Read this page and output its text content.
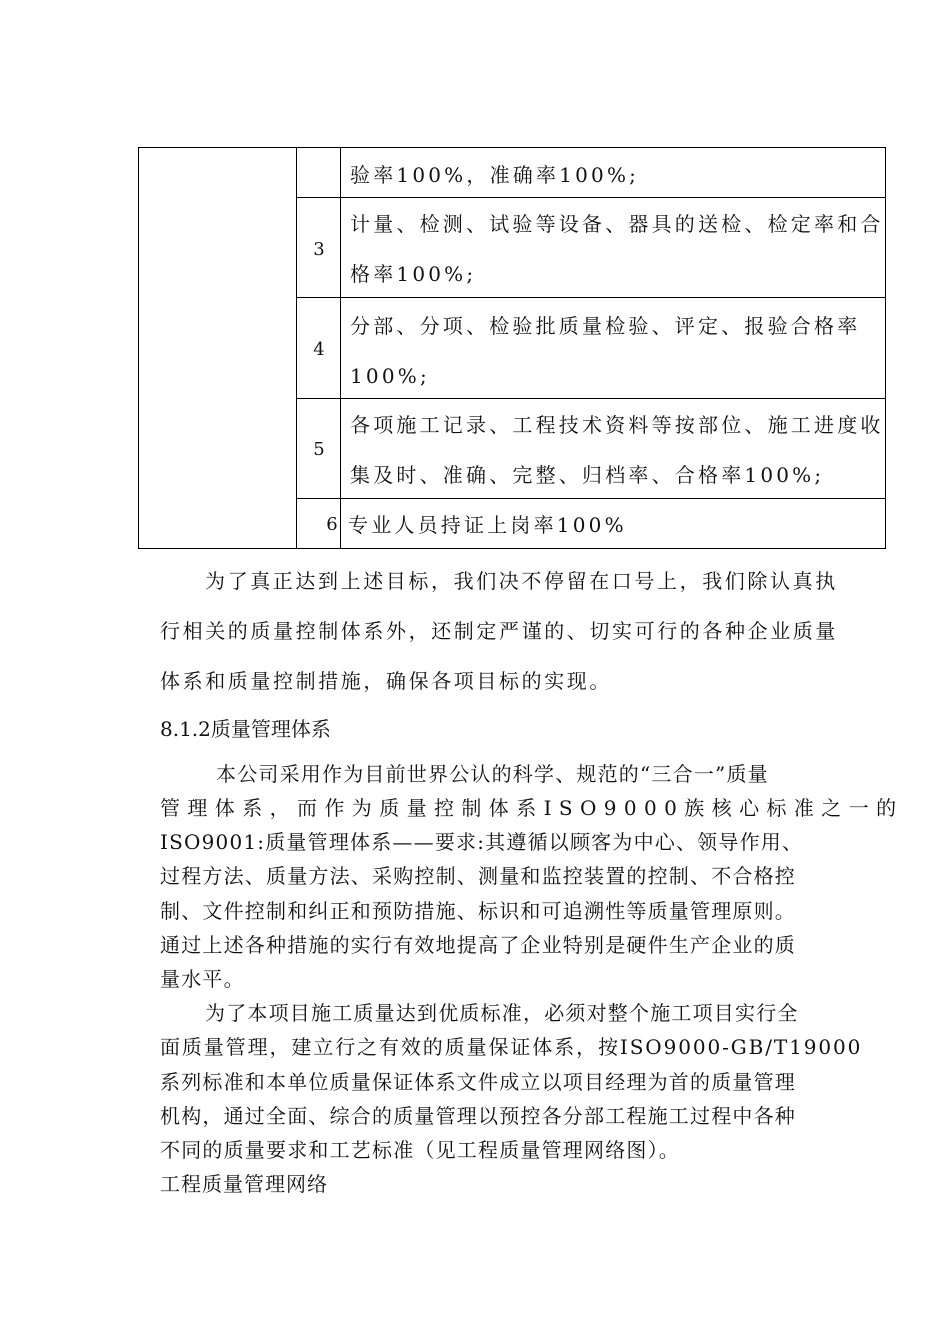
验率100%，准确率100%;
3
计量、检测、试验等设备、器具的送检、检定率和合
格率100%;
4
分部、分项、检验批质量检验、评定、报验合格率
100%;
5
各项施工记录、工程技术资料等按部位、施工进度收
集及时、准确、完整、归档率、合格率100%;
6 专业人员持证上岗率100%
为了真正达到上述目标，我们决不停留在口号上，我们除认真执
行相关的质量控制体系外，还制定严谨的、切实可行的各种企业质量
体系和质量控制措施，确保各项目标的实现。
8.1.2质量管理体系
本公司采用作为目前世界公认的科学、规范的“三合一”质量
管理体系，而作为质量控制体系ISO9000族核心标准之一的
ISO9001:质量管理体系——要求:其遵循以顾客为中心、领导作用、
过程方法、质量方法、采购控制、测量和监控装置的控制、不合格控
制、文件控制和纠正和预防措施、标识和可追溯性等质量管理原则。
通过上述各种措施的实行有效地提高了企业特别是硬件生产企业的质
量水平。
为了本项目施工质量达到优质标准，必须对整个施工项目实行全
面质量管理，建立行之有效的质量保证体系，按ISO9000-GB/T19000
系列标准和本单位质量保证体系文件成立以项目经理为首的质量管理
机构，通过全面、综合的质量管理以预控各分部工程施工过程中各种
不同的质量要求和工艺标准（见工程质量管理网络图）。
工程质量管理网络
